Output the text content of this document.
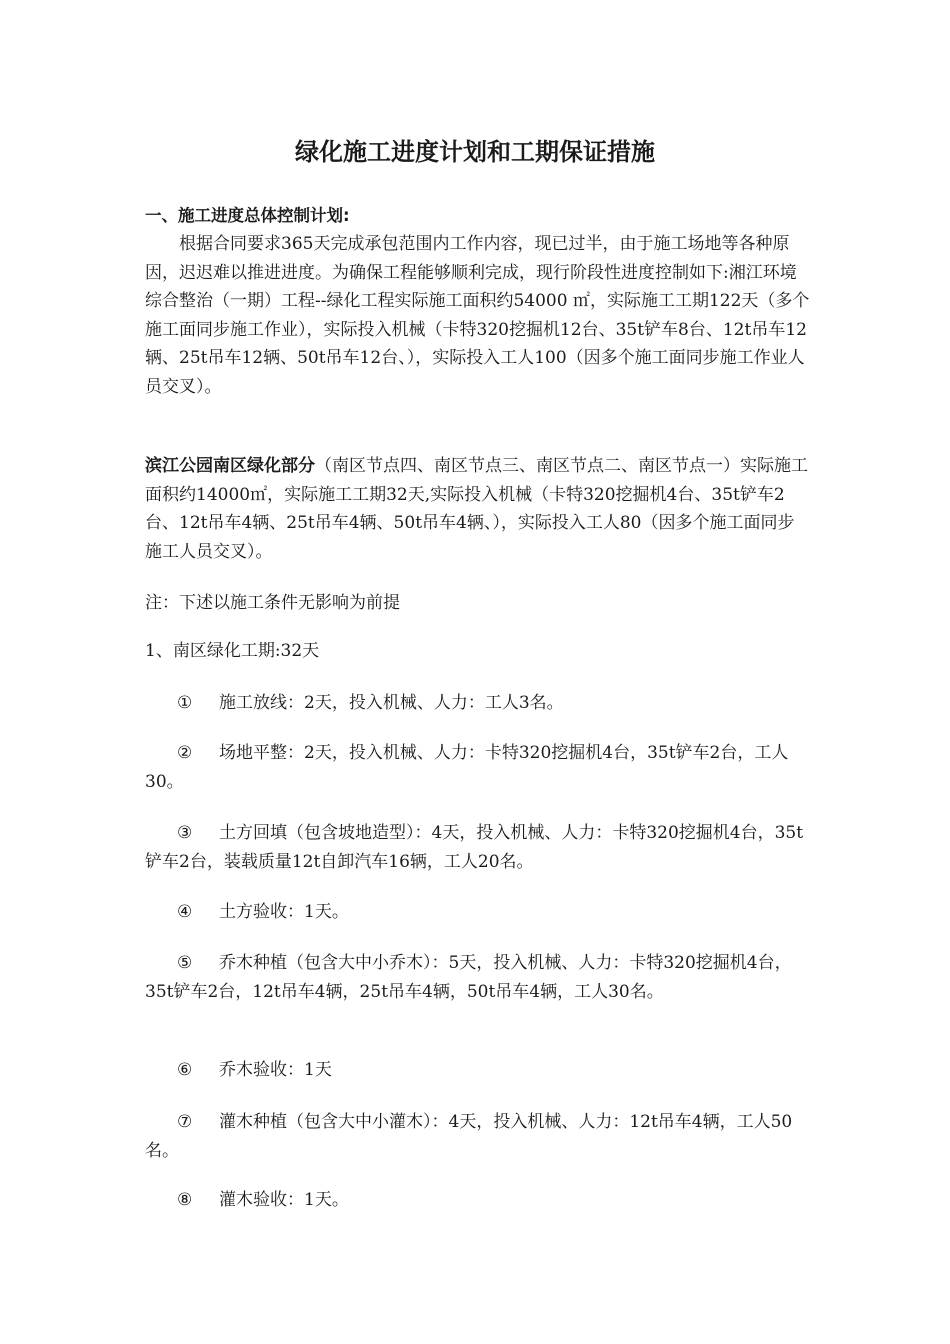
绿化施工进度计划和工期保证措施

一、施工进度总体控制计划:

根据合同要求365天完成承包范围内工作内容，现已过半，由于施工场地等各种原因，迟迟难以推进进度。为确保工程能够顺利完成，现行阶段性进度控制如下:湘江环境综合整治（一期）工程--绿化工程实际施工面积约54000 ㎡，实际施工工期122天（多个施工面同步施工作业），实际投入机械（卡特320挖掘机12台、35t铲车8台、12t吊车12辆、25t吊车12辆、50t吊车12台、），实际投入工人100（因多个施工面同步施工作业人员交叉）。

滨江公园南区绿化部分（南区节点四、南区节点三、南区节点二、南区节点一）实际施工面积约14000㎡，实际施工工期32天,实际投入机械（卡特320挖掘机4台、35t铲车2台、12t吊车4辆、25t吊车4辆、50t吊车4辆、），实际投入工人80（因多个施工面同步施工人员交叉）。

注：下述以施工条件无影响为前提

1、南区绿化工期:32天

① 施工放线：2天，投入机械、人力：工人3名。

② 场地平整：2天，投入机械、人力：卡特320挖掘机4台，35t铲车2台，工人30。

③ 土方回填（包含坡地造型）：4天，投入机械、人力：卡特320挖掘机4台，35t铲车2台，装载质量12t自卸汽车16辆，工人20名。

④ 土方验收：1天。

⑤ 乔木种植（包含大中小乔木）：5天，投入机械、人力：卡特320挖掘机4台，35t铲车2台，12t吊车4辆，25t吊车4辆，50t吊车4辆，工人30名。

⑥ 乔木验收：1天

⑦ 灌木种植（包含大中小灌木）：4天，投入机械、人力：12t吊车4辆，工人50名。

⑧ 灌木验收：1天。
